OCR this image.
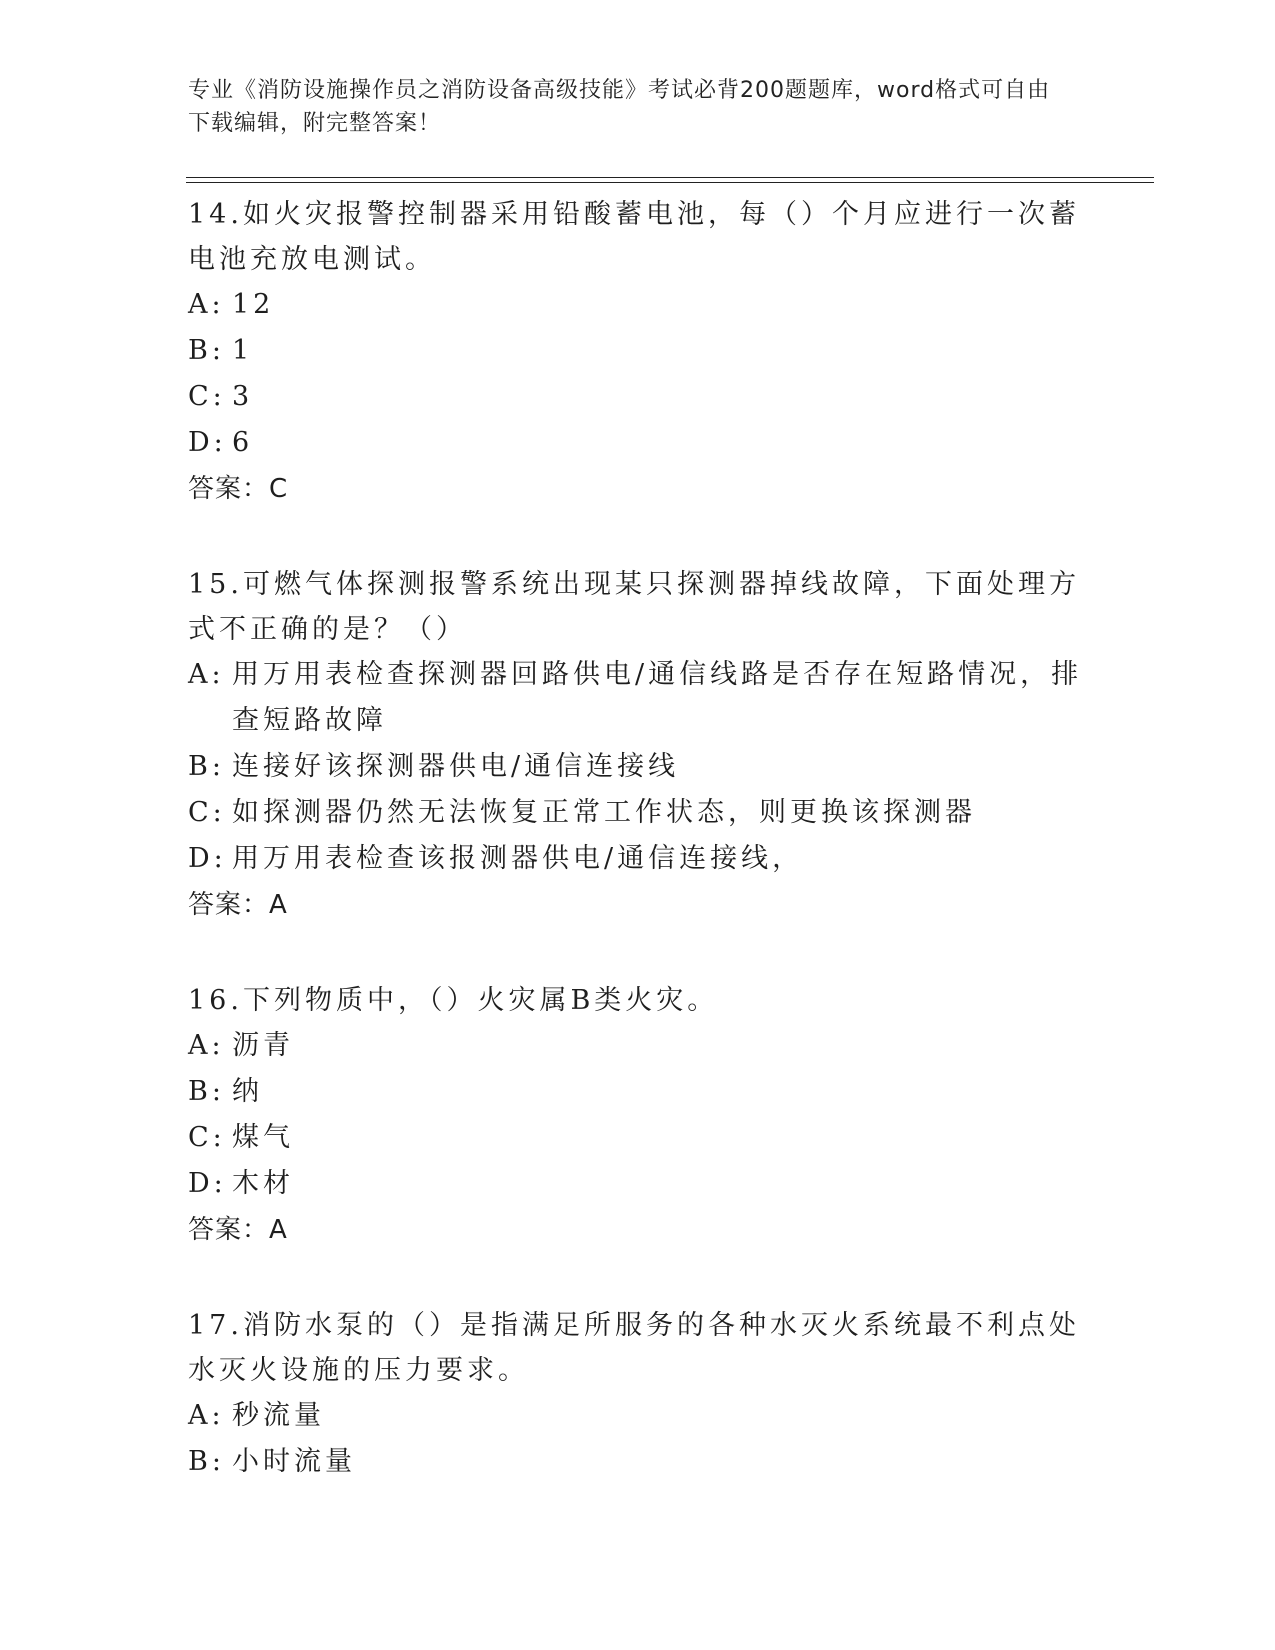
专业《消防设施操作员之消防设备高级技能》考试必背200题题库，word格式可自由下载编辑，附完整答案！
14.如火灾报警控制器采用铅酸蓄电池，每（）个月应进行一次蓄电池充放电测试。
A: 12
B: 1
C: 3
D: 6
答案：C
15.可燃气体探测报警系统出现某只探测器掉线故障，下面处理方式不正确的是？（）
A: 用万用表检查探测器回路供电/通信线路是否存在短路情况，排查短路故障
B: 连接好该探测器供电/通信连接线
C: 如探测器仍然无法恢复正常工作状态，则更换该探测器
D: 用万用表检查该报测器供电/通信连接线，
答案：A
16.下列物质中，（）火灾属B类火灾。
A: 沥青
B: 纳
C: 煤气
D: 木材
答案：A
17.消防水泵的（）是指满足所服务的各种水灭火系统最不利点处水灭火设施的压力要求。
A: 秒流量
B: 小时流量
